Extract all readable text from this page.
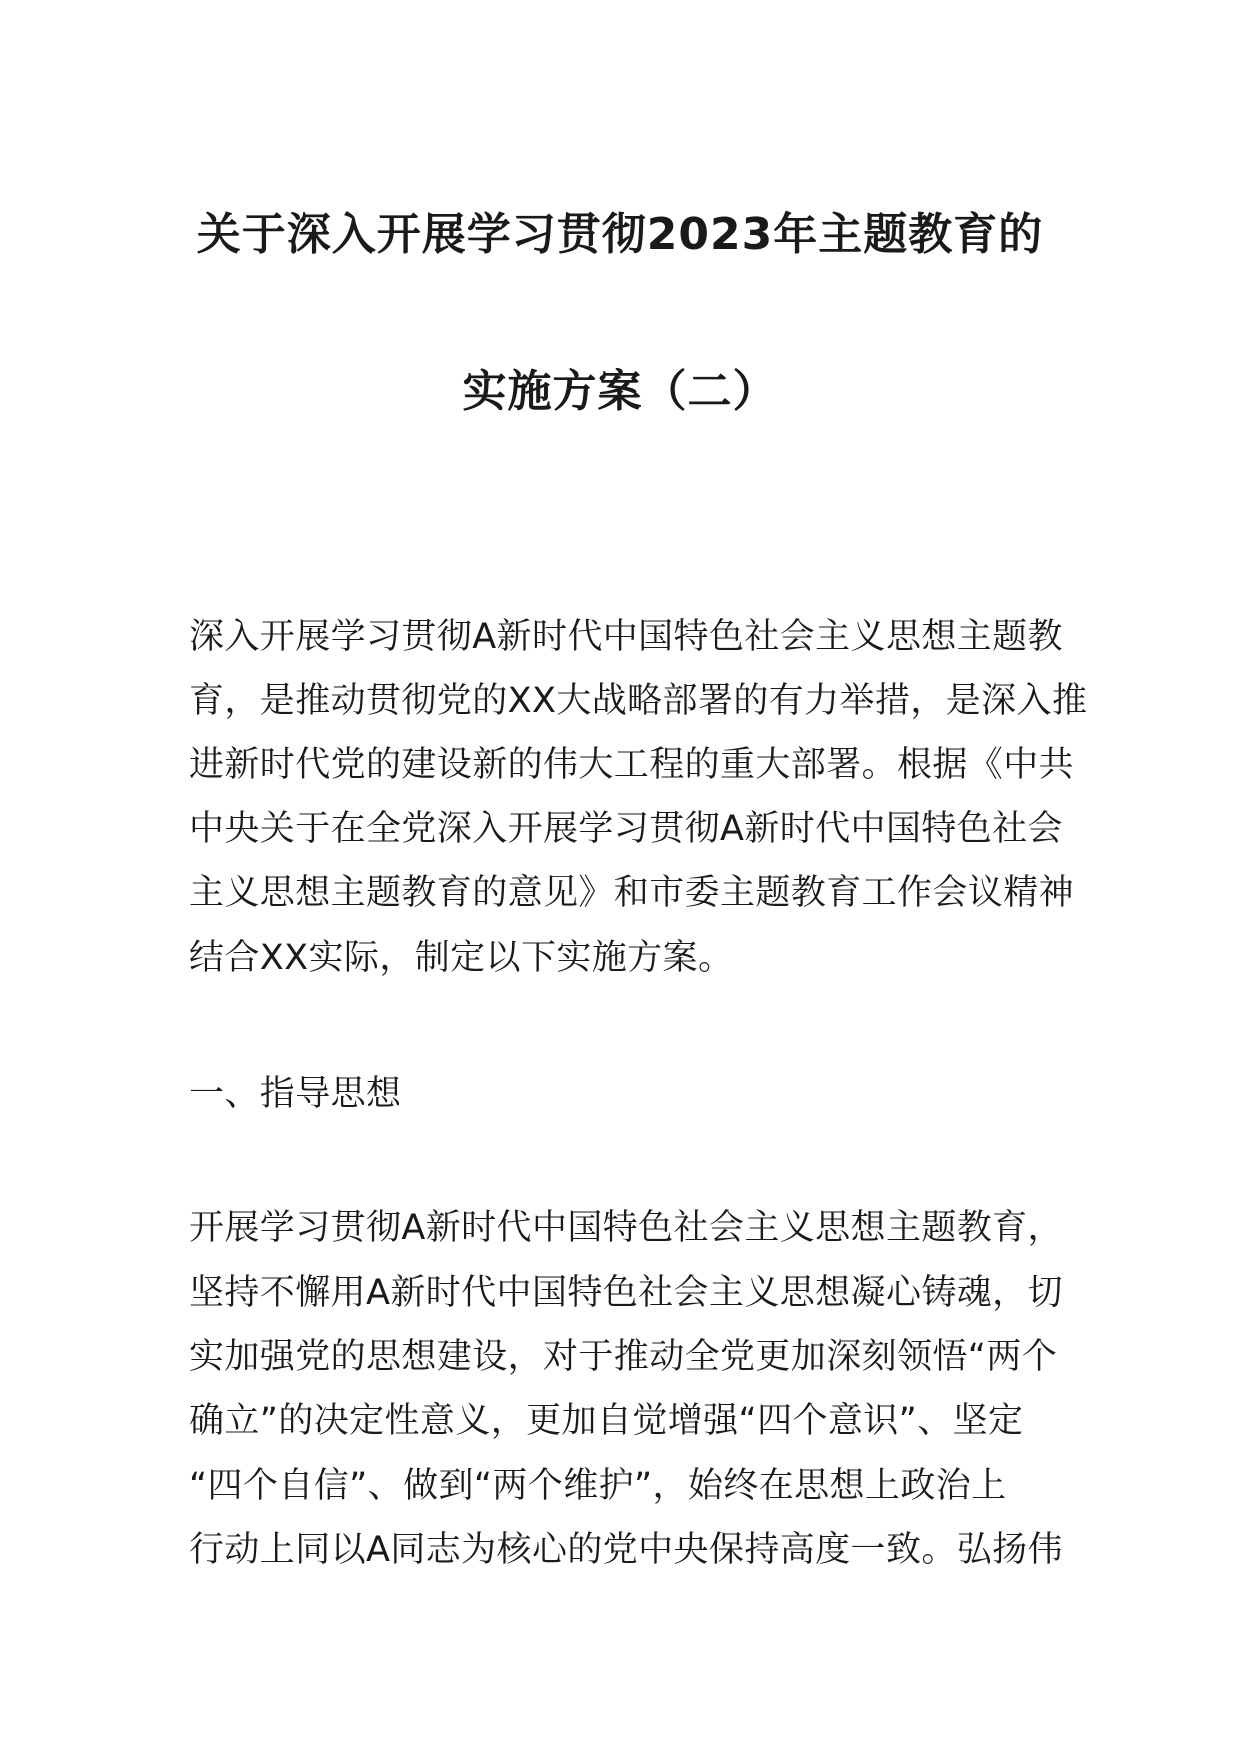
关于深入开展学习贯彻2023年主题教育的
实施方案（二）
深入开展学习贯彻A新时代中国特色社会主义思想主题教
育，是推动贯彻党的XX大战略部署的有力举措，是深入推
进新时代党的建设新的伟大工程的重大部署。根据《中共
中央关于在全党深入开展学习贯彻A新时代中国特色社会
主义思想主题教育的意见》和市委主题教育工作会议精神
结合XX实际，制定以下实施方案。
一、指导思想
开展学习贯彻A新时代中国特色社会主义思想主题教育，
坚持不懈用A新时代中国特色社会主义思想凝心铸魂，切
实加强党的思想建设，对于推动全党更加深刻领悟“两个
确立”的决定性意义，更加自觉增强“四个意识”、坚定
“四个自信”、做到“两个维护”，始终在思想上政治上
行动上同以A同志为核心的党中央保持高度一致。弘扬伟
